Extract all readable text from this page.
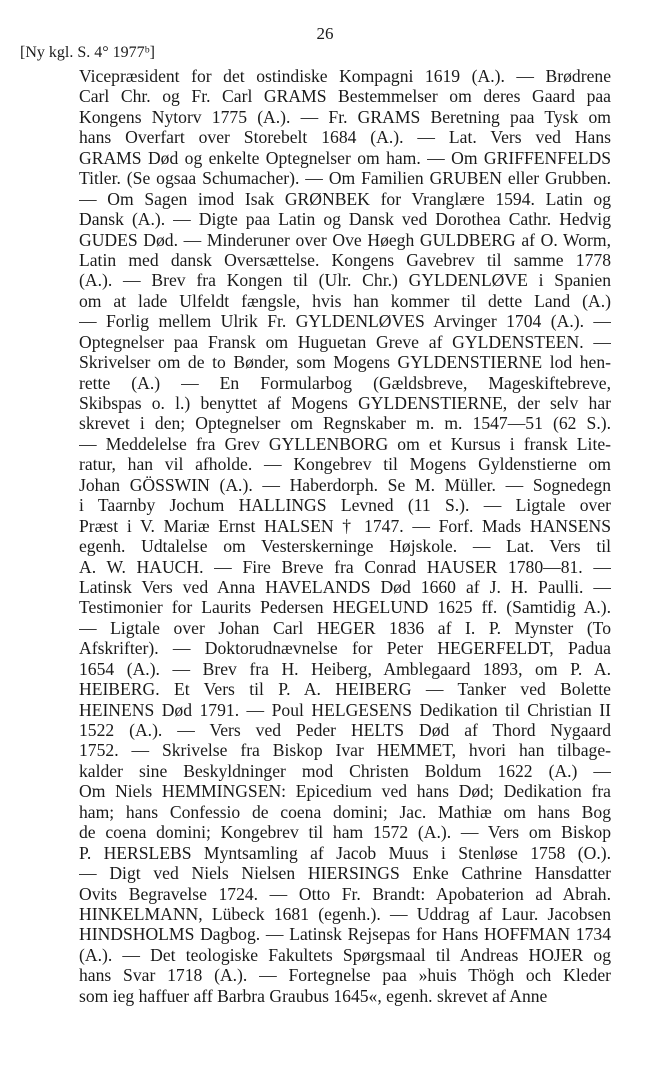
26
[Ny kgl. S. 4° 1977ᵇ]
Vicepræsident for det ostindiske Kompagni 1619 (A.). — Brødrene
Carl Chr. og Fr. Carl GRAMS Bestemmelser om deres Gaard paa
Kongens Nytorv 1775 (A.). — Fr. GRAMS Beretning paa Tysk om
hans Overfart over Storebelt 1684 (A.). — Lat. Vers ved Hans
GRAMS Død og enkelte Optegnelser om ham. — Om GRIFFENFELDS
Titler. (Se ogsaa Schumacher). — Om Familien GRUBEN eller Grubben.
— Om Sagen imod Isak GRØNBEK for Vranglære 1594. Latin og
Dansk (A.). — Digte paa Latin og Dansk ved Dorothea Cathr. Hedvig
GUDES Død. — Minderuner over Ove Høegh GULDBERG af O. Worm,
Latin med dansk Oversættelse. Kongens Gavebrev til samme 1778
(A.). — Brev fra Kongen til (Ulr. Chr.) GYLDENLØVE i Spanien
om at lade Ulfeldt fængsle, hvis han kommer til dette Land (A.)
— Forlig mellem Ulrik Fr. GYLDENLØVES Arvinger 1704 (A.). —
Optegnelser paa Fransk om Huguetan Greve af GYLDENSTEEN. —
Skrivelser om de to Bønder, som Mogens GYLDENSTIERNE lod hen-
rette (A.) — En Formularbog (Gældsbreve, Mageskiftebreve,
Skibspas o. l.) benyttet af Mogens GYLDENSTIERNE, der selv har
skrevet i den; Optegnelser om Regnskaber m. m. 1547—51 (62 S.).
— Meddelelse fra Grev GYLLENBORG om et Kursus i fransk Lite-
ratur, han vil afholde. — Kongebrev til Mogens Gyldenstierne om
Johan GÖSSWIN (A.). — Haberdorph. Se M. Müller. — Sognedegn
i Taarnby Jochum HALLINGS Levned (11 S.). — Ligtale over
Præst i V. Mariæ Ernst HALSEN † 1747. — Forf. Mads HANSENS
egenh. Udtalelse om Vesterskerninge Højskole. — Lat. Vers til
A. W. HAUCH. — Fire Breve fra Conrad HAUSER 1780—81. —
Latinsk Vers ved Anna HAVELANDS Død 1660 af J. H. Paulli. —
Testimonier for Laurits Pedersen HEGELUND 1625 ff. (Samtidig A.).
— Ligtale over Johan Carl HEGER 1836 af I. P. Mynster (To
Afskrifter). — Doktorudnævnelse for Peter HEGERFELDT, Padua
1654 (A.). — Brev fra H. Heiberg, Amblegaard 1893, om P. A.
HEIBERG. Et Vers til P. A. HEIBERG — Tanker ved Bolette
HEINENS Død 1791. — Poul HELGESENS Dedikation til Christian II
1522 (A.). — Vers ved Peder HELTS Død af Thord Nygaard
1752. — Skrivelse fra Biskop Ivar HEMMET, hvori han tilbage-
kalder sine Beskyldninger mod Christen Boldum 1622 (A.) —
Om Niels HEMMINGSEN: Epicedium ved hans Død; Dedikation fra
ham; hans Confessio de coena domini; Jac. Mathiæ om hans Bog
de coena domini; Kongebrev til ham 1572 (A.). — Vers om Biskop
P. HERSLEBS Myntsamling af Jacob Muus i Stenløse 1758 (O.).
— Digt ved Niels Nielsen HIERSINGS Enke Cathrine Hansdatter
Ovits Begravelse 1724. — Otto Fr. Brandt: Apobaterion ad Abrah.
HINKELMANN, Lübeck 1681 (egenh.). — Uddrag af Laur. Jacobsen
HINDSHOLMS Dagbog. — Latinsk Rejsepas for Hans HOFFMAN 1734
(A.). — Det teologiske Fakultets Spørgsmaal til Andreas HOJER og
hans Svar 1718 (A.). — Fortegnelse paa »huis Thögh och Kleder
som ieg haffuer aff Barbra Graubus 1645«, egenh. skrevet af Anne
